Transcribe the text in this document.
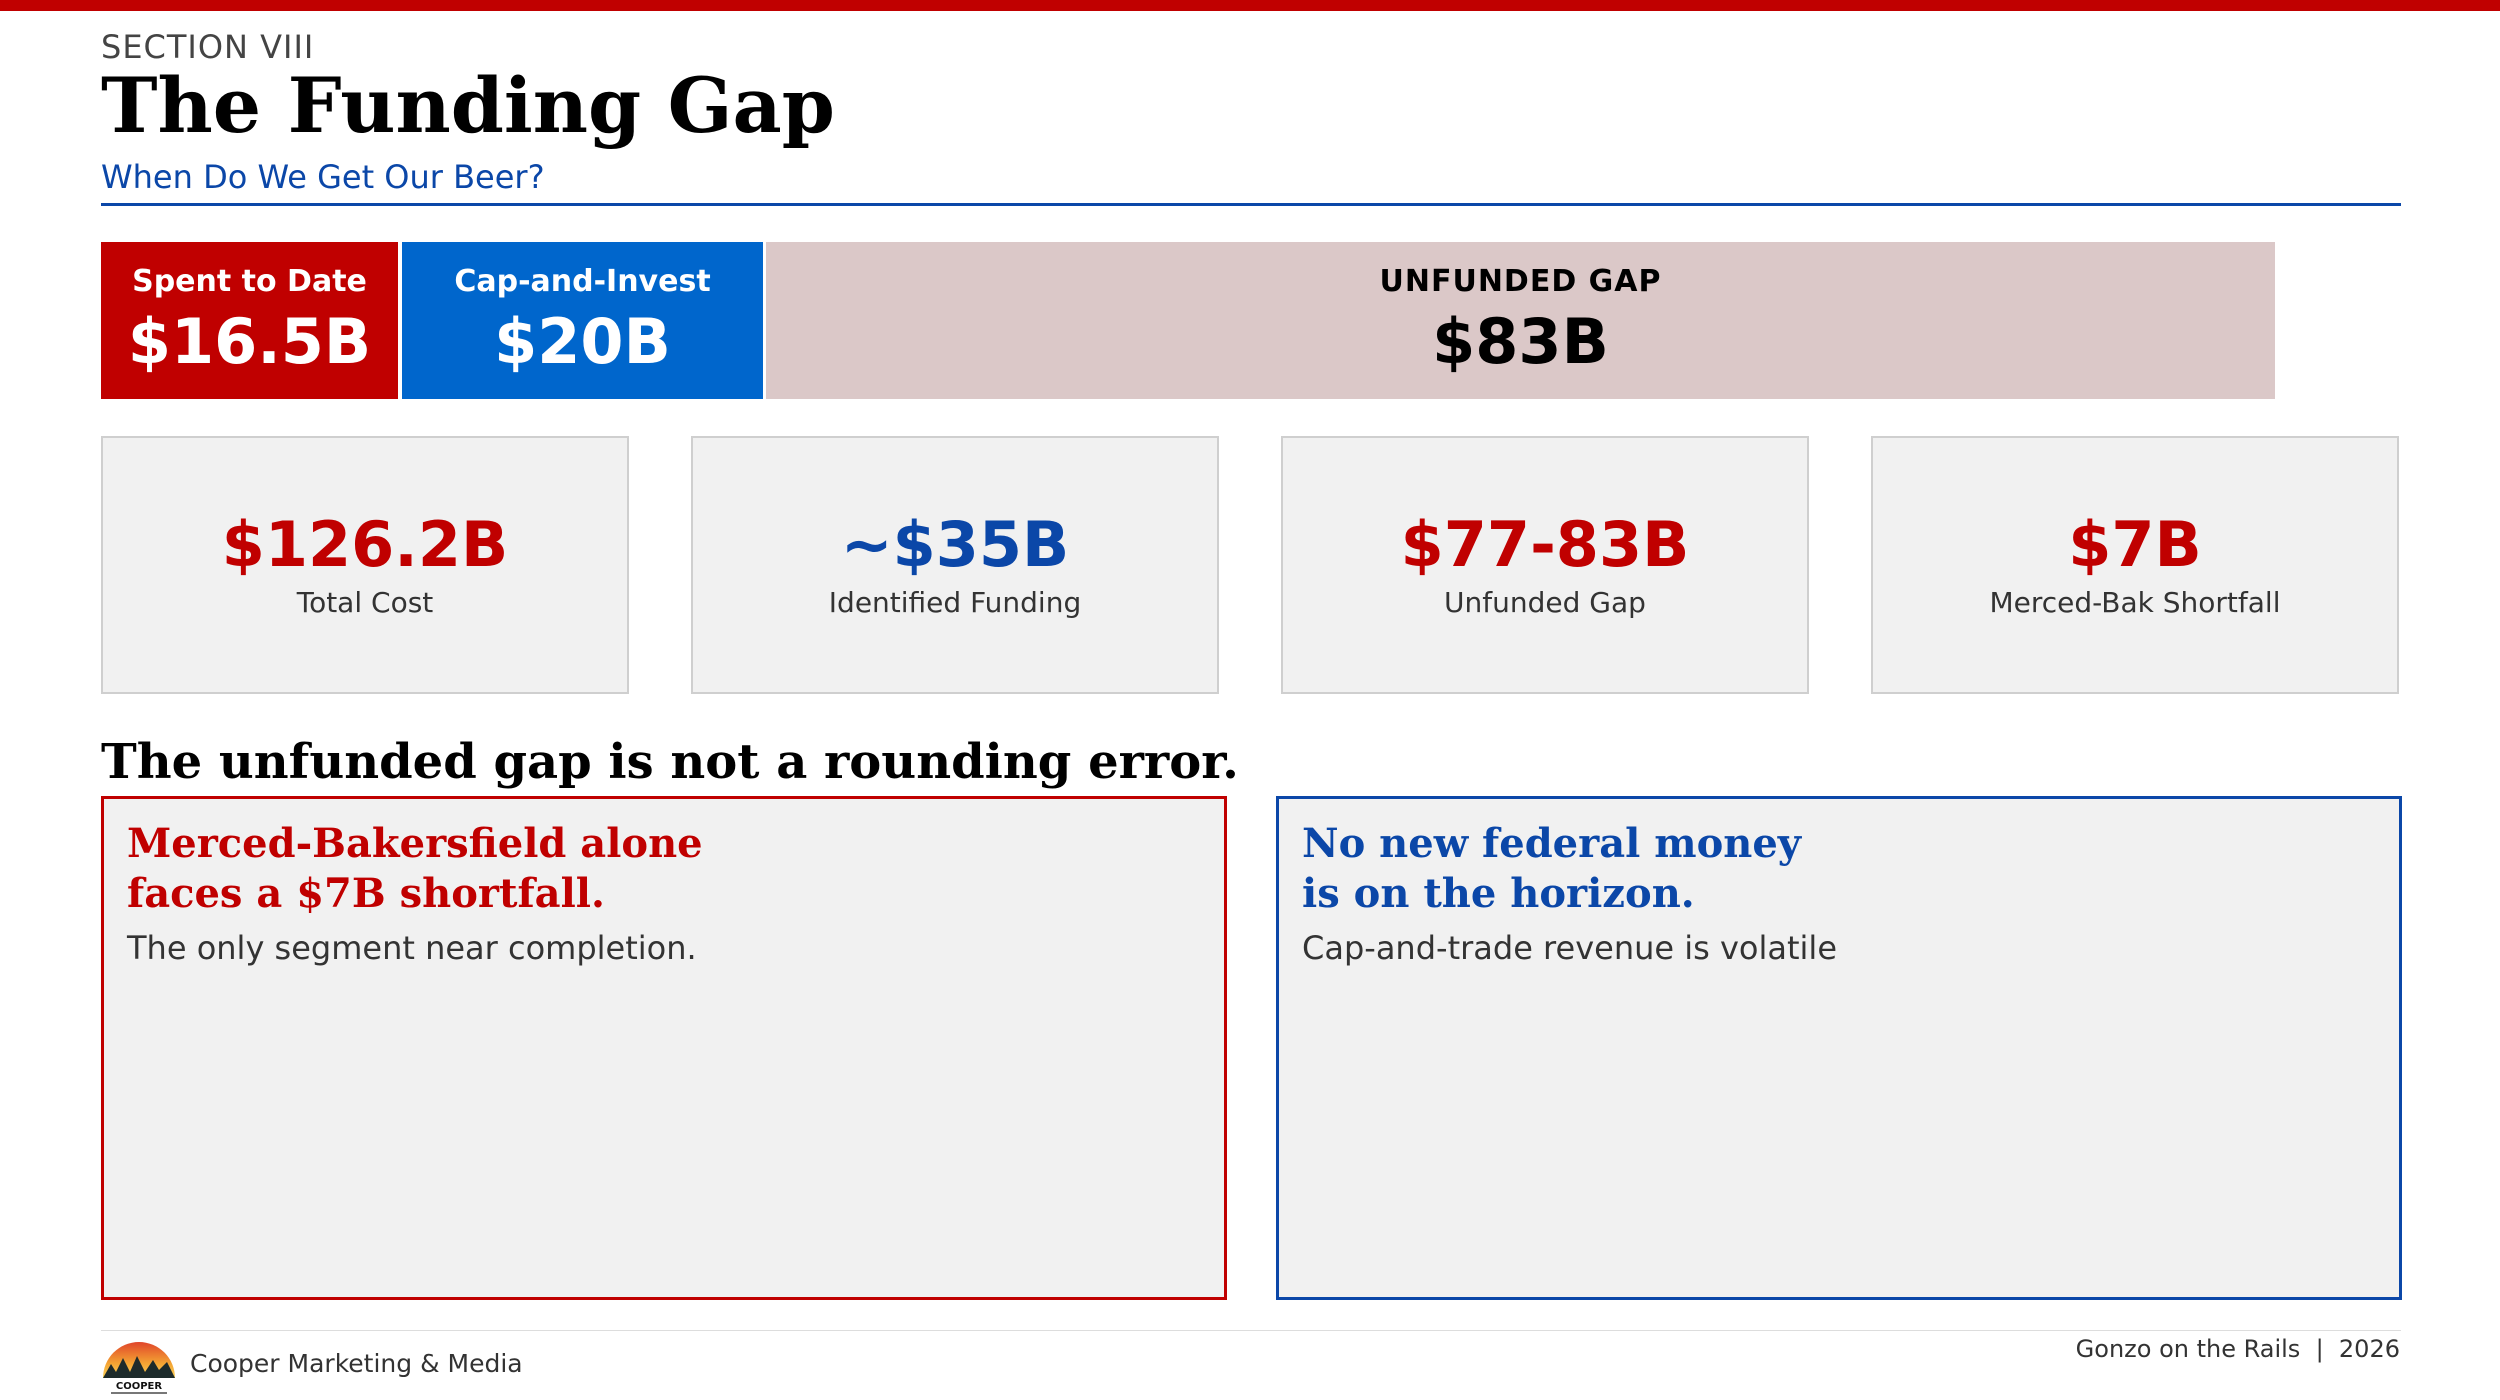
SECTION VIII
The Funding Gap
When Do We Get Our Beer?
Spent to Date
$16.5B
Cap-and-Invest
$20B
UNFUNDED GAP
$83B
$126.2B
Total Cost
~$35B
Identified Funding
$77-83B
Unfunded Gap
$7B
Merced-Bak Shortfall
The unfunded gap is not a rounding error.
Merced-Bakersfield alone
faces a $7B shortfall.
The only segment near completion.
No new federal money
is on the horizon.
Cap-and-trade revenue is volatile
COOPER
Cooper Marketing & Media	Gonzo on the Rails  |  2026
